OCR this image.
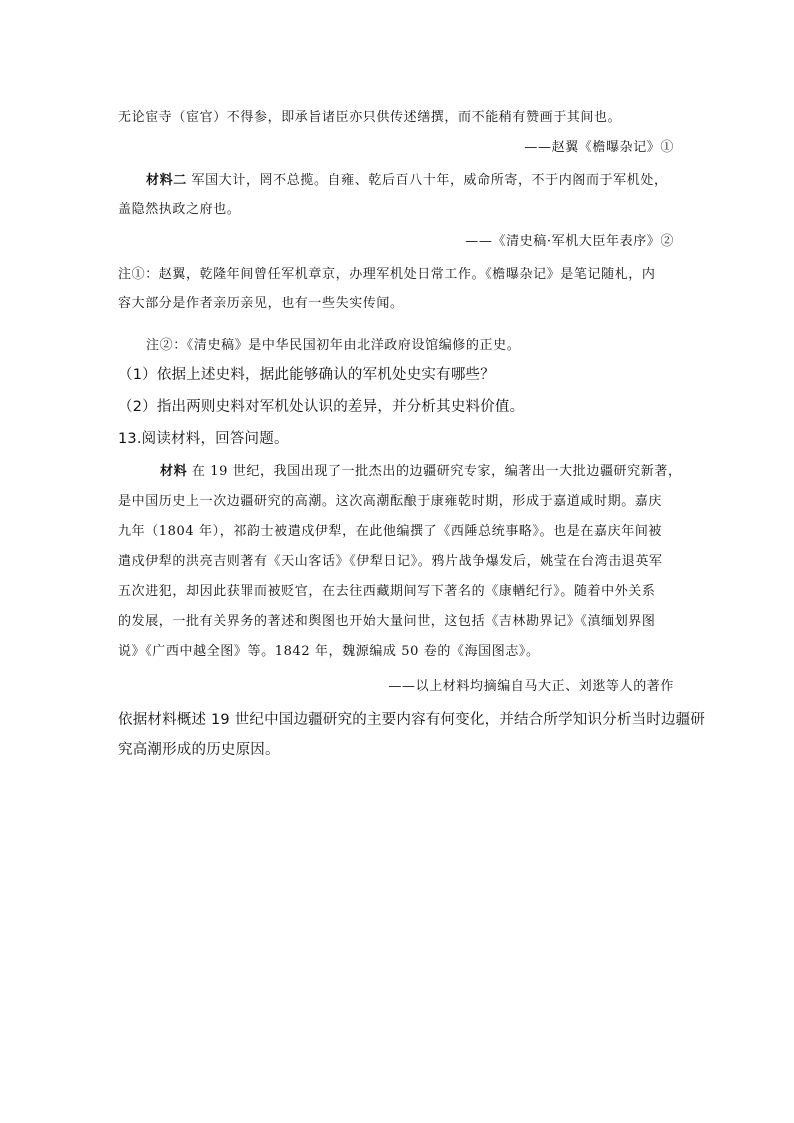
无论宦寺（宦官）不得参，即承旨诸臣亦只供传述缮撰，而不能稍有赞画于其间也。
——赵翼《檐曝杂记》①
材料二 军国大计，罔不总揽。自雍、乾后百八十年，威命所寄，不于内阁而于军机处，
盖隐然执政之府也。
——《清史稿·军机大臣年表序》②
注①：赵翼，乾隆年间曾任军机章京，办理军机处日常工作。《檐曝杂记》是笔记随札，内
容大部分是作者亲历亲见，也有一些失实传闻。
注②：《清史稿》是中华民国初年由北洋政府设馆编修的正史。
（1）依据上述史料，据此能够确认的军机处史实有哪些？
（2）指出两则史料对军机处认识的差异，并分析其史料价值。
13.阅读材料，回答问题。
材料 在 19 世纪，我国出现了一批杰出的边疆研究专家，编著出一大批边疆研究新著，
是中国历史上一次边疆研究的高潮。这次高潮酝酿于康雍乾时期，形成于嘉道咸时期。嘉庆
九年（1804 年），祁韵士被遣戍伊犁，在此他编撰了《西陲总统事略》。也是在嘉庆年间被
遣戍伊犁的洪亮吉则著有《天山客话》《伊犁日记》。鸦片战争爆发后，姚莹在台湾击退英军
五次进犯，却因此获罪而被贬官，在去往西藏期间写下著名的《康輶纪行》。随着中外关系
的发展，一批有关界务的著述和舆图也开始大量问世，这包括《吉林勘界记》《滇缅划界图
说》《广西中越全图》等。1842 年，魏源编成 50 卷的《海国图志》。
——以上材料均摘编自马大正、刘逖等人的著作
依据材料概述 19 世纪中国边疆研究的主要内容有何变化，并结合所学知识分析当时边疆研
究高潮形成的历史原因。
